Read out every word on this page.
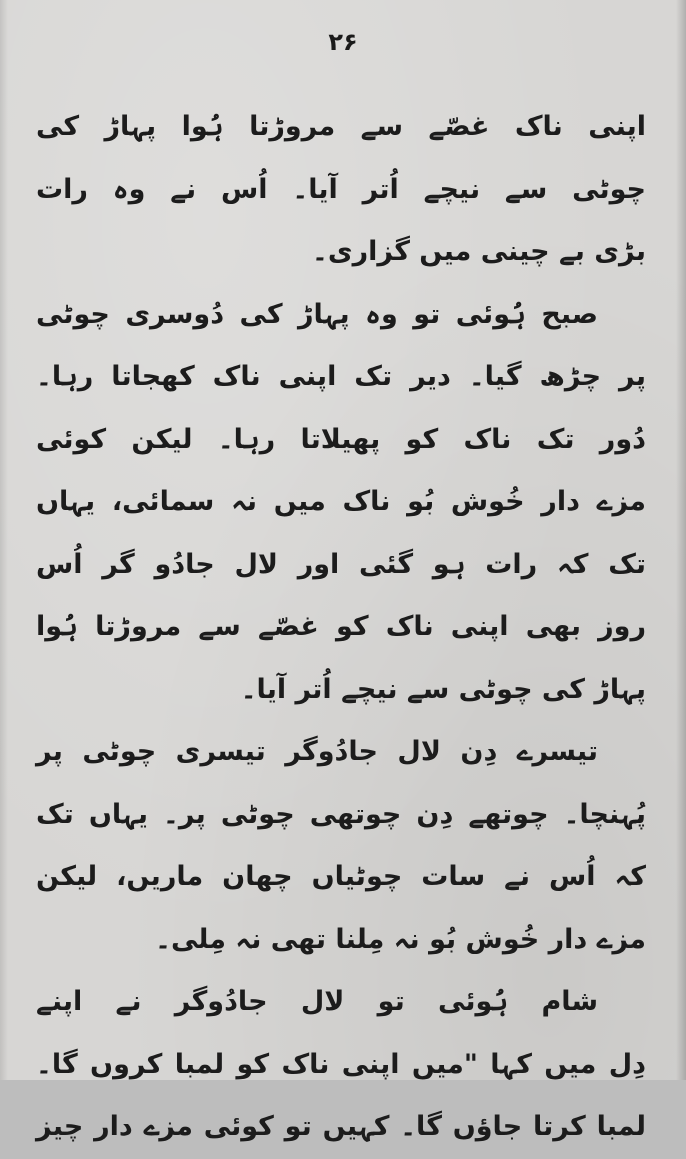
۲۶
اپنی ناک غصّے سے مروڑتا ہُوا پہاڑ کی
چوٹی سے نیچے اُتر آیا۔ اُس نے وہ رات
بڑی بے چینی میں گزاری۔
صبح ہُوئی تو وہ پہاڑ کی دُوسری چوٹی
پر چڑھ گیا۔ دیر تک اپنی ناک کھجاتا رہا۔
دُور تک ناک کو پھیلاتا رہا۔ لیکن کوئی
مزے دار خُوش بُو ناک میں نہ سمائی، یہاں
تک کہ رات ہو گئی اور لال جادُو گر اُس
روز بھی اپنی ناک کو غصّے سے مروڑتا ہُوا
پہاڑ کی چوٹی سے نیچے اُتر آیا۔
تیسرے دِن لال جادُوگر تیسری چوٹی پر
پُہنچا۔ چوتھے دِن چوتھی چوٹی پر۔ یہاں تک
کہ اُس نے سات چوٹیاں چھان ماریں، لیکن
مزے دار خُوش بُو نہ مِلنا تھی نہ مِلی۔
شام ہُوئی تو لال جادُوگر نے اپنے
دِل میں کہا "میں اپنی ناک کو لمبا کروں گا۔
لمبا کرتا جاؤں گا۔ کہیں تو کوئی مزے دار چیز
